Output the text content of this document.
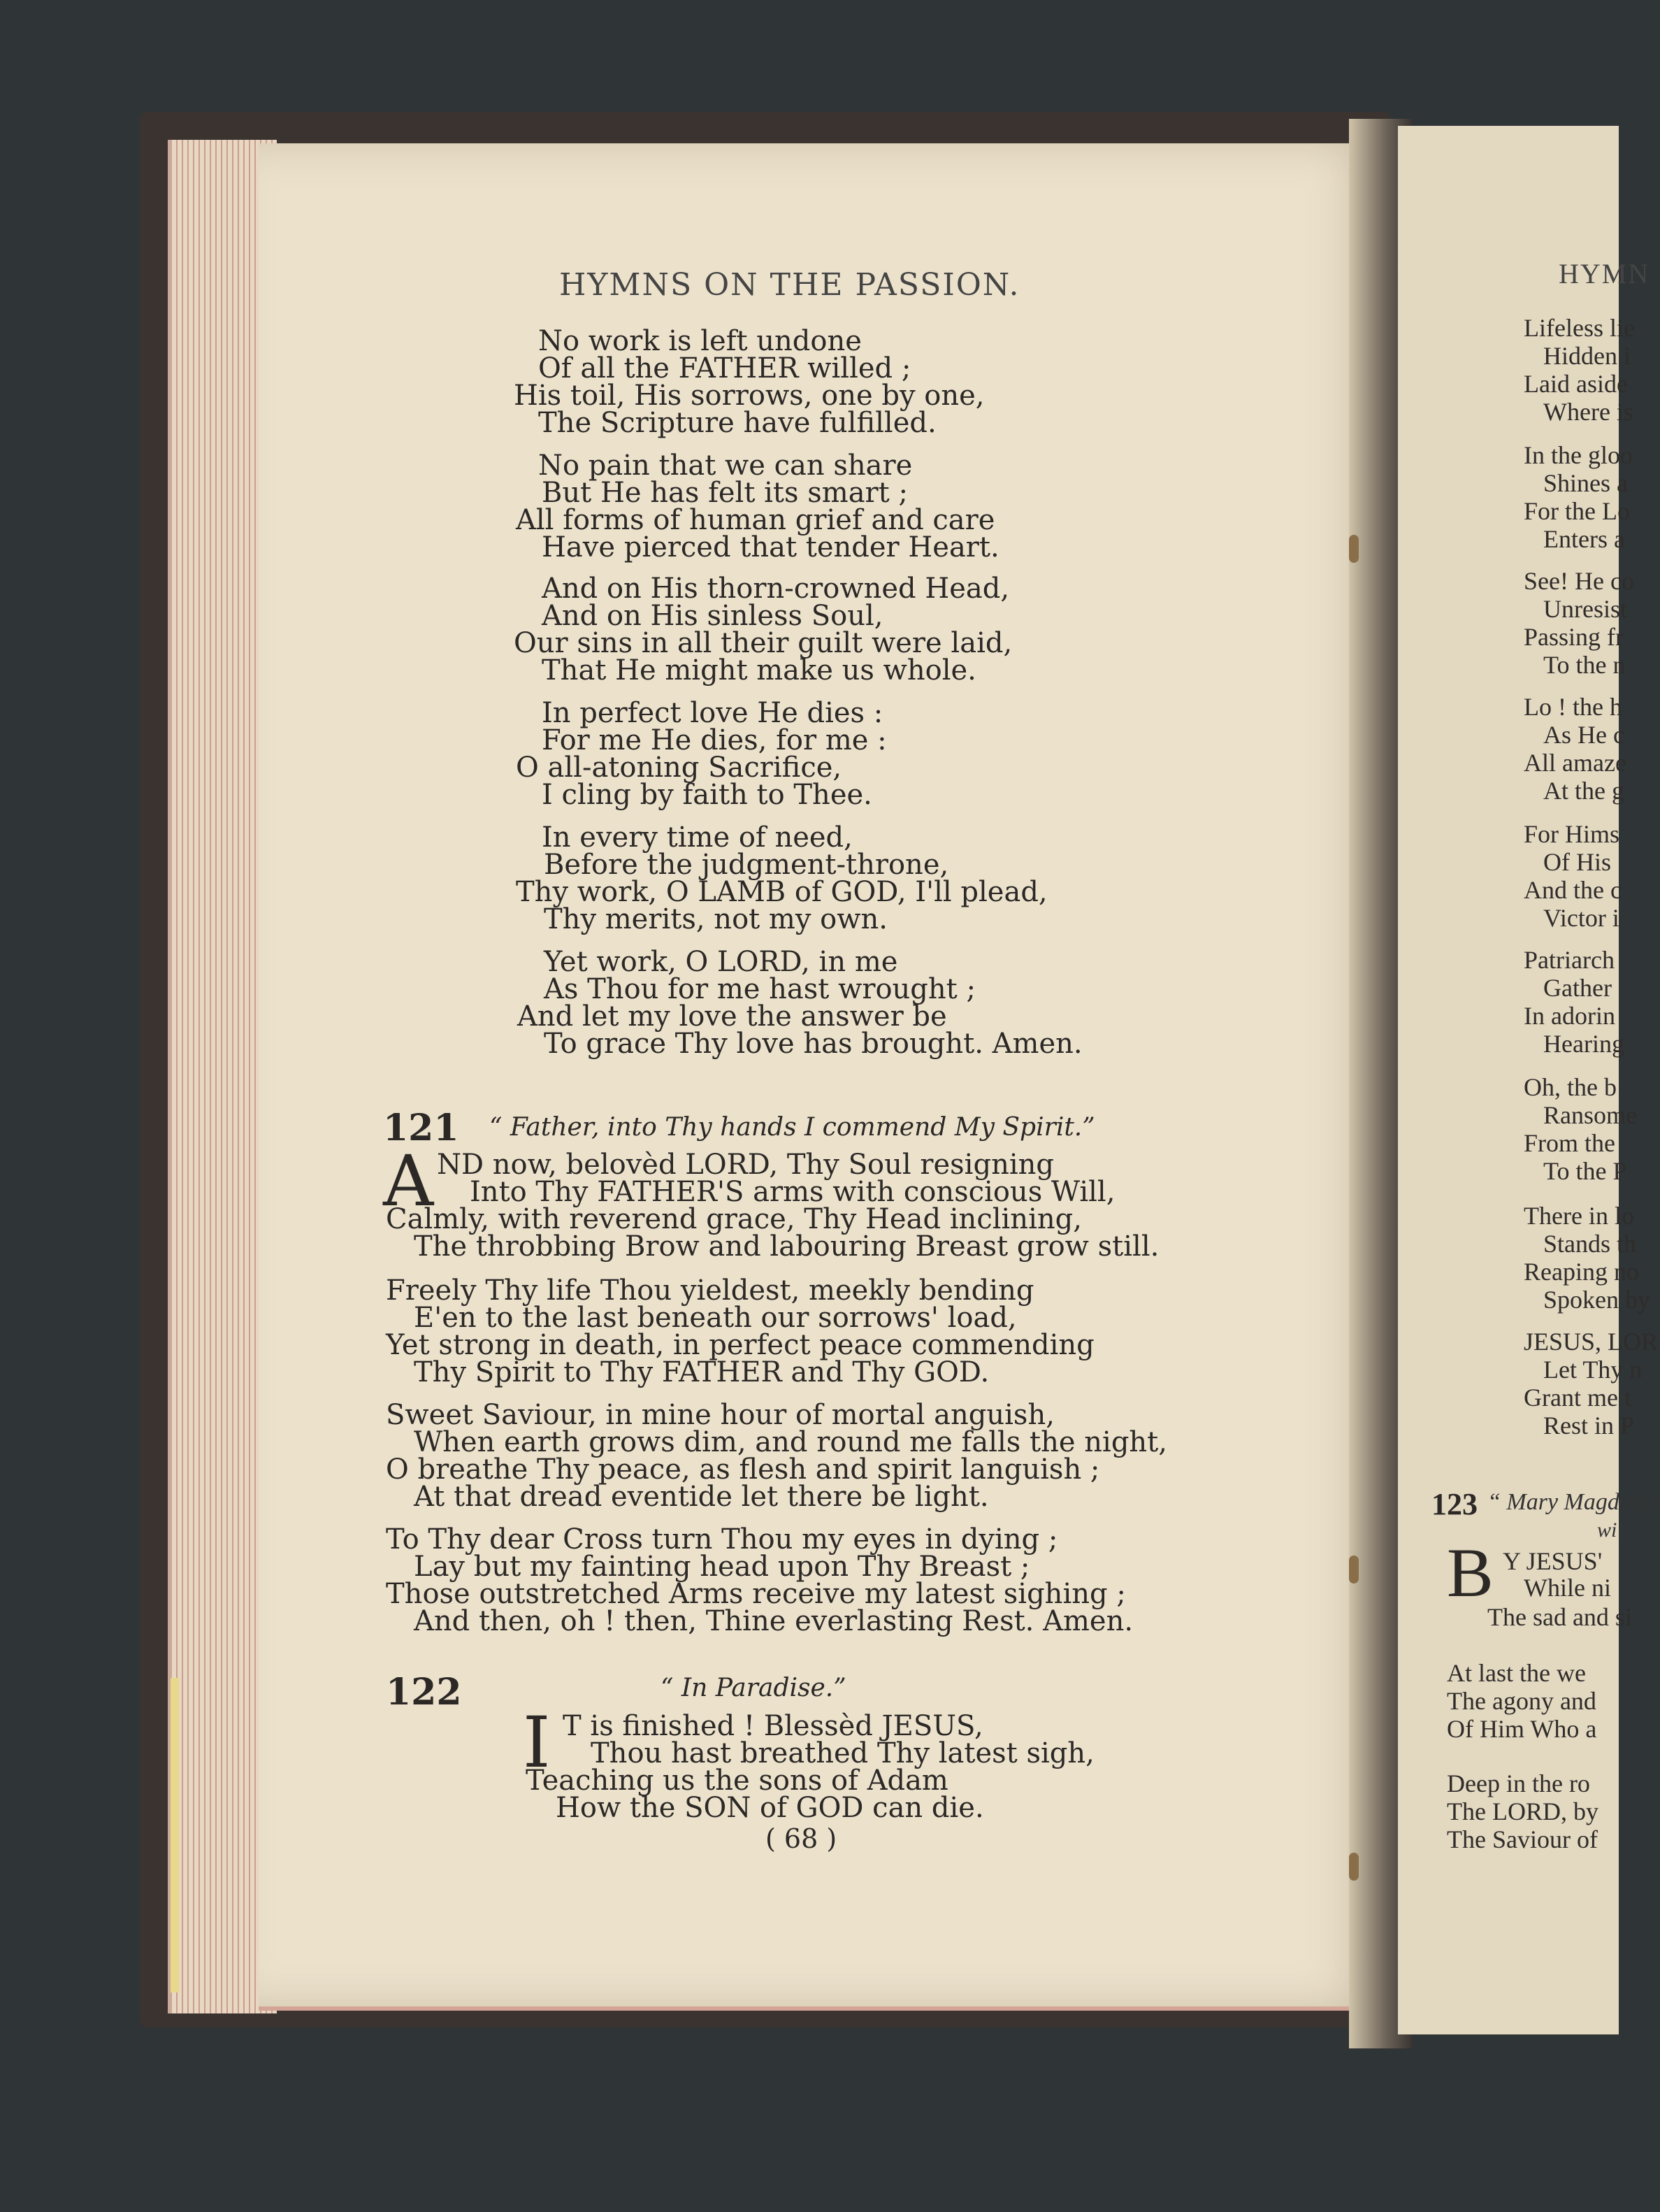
HYMNS ON THE PASSION.
No work is left undone
Of all the FATHER willed ;
His toil, His sorrows, one by one,
The Scripture have fulfilled.
No pain that we can share
But He has felt its smart ;
All forms of human grief and care
Have pierced that tender Heart.
And on His thorn-crowned Head,
And on His sinless Soul,
Our sins in all their guilt were laid,
That He might make us whole.
In perfect love He dies :
For me He dies, for me :
O all-atoning Sacrifice,
I cling by faith to Thee.
In every time of need,
Before the judgment-throne,
Thy work, O LAMB of GOD, I'll plead,
Thy merits, not my own.
Yet work, O LORD, in me
As Thou for me hast wrought ;
And let my love the answer be
To grace Thy love has brought. Amen.
121 “ Father, into Thy hands I commend My Spirit.”
A ND now, belovèd LORD, Thy Soul resigning
Into Thy FATHER'S arms with conscious Will,
Calmly, with reverend grace, Thy Head inclining,
The throbbing Brow and labouring Breast grow still.
Freely Thy life Thou yieldest, meekly bending
E'en to the last beneath our sorrows' load,
Yet strong in death, in perfect peace commending
Thy Spirit to Thy FATHER and Thy GOD.
Sweet Saviour, in mine hour of mortal anguish,
When earth grows dim, and round me falls the night,
O breathe Thy peace, as flesh and spirit languish ;
At that dread eventide let there be light.
To Thy dear Cross turn Thou my eyes in dying ;
Lay but my fainting head upon Thy Breast ;
Those outstretched Arms receive my latest sighing ;
And then, oh ! then, Thine everlasting Rest. Amen.
122	“ In Paradise.”
I T is finished ! Blessèd JESUS,
Thou hast breathed Thy latest sigh,
Teaching us the sons of Adam
How the SON of GOD can die.
( 68 )
HYMN
Lifeless lie
Hidden i
Laid aside
Where is
In the gloo
Shines a
For the Lo
Enters a
See! He co
Unresist
Passing fr
To the n
Lo ! the h
As He c
All amaze
At the g
For Hims
Of His
And the c
Victor i
Patriarch
Gather
In adorin
Hearing
Oh, the b
Ransome
From the
To the P
There in lo
Stands th
Reaping no
Spoken by
JESUS, LOR
Let Thy n
Grant me t
Rest in P
123 “ Mary Magdalen
wi
B Y JESUS'
While ni
The sad and si
At last the we
The agony and
Of Him Who a
Deep in the ro
The LORD, by
The Saviour of
